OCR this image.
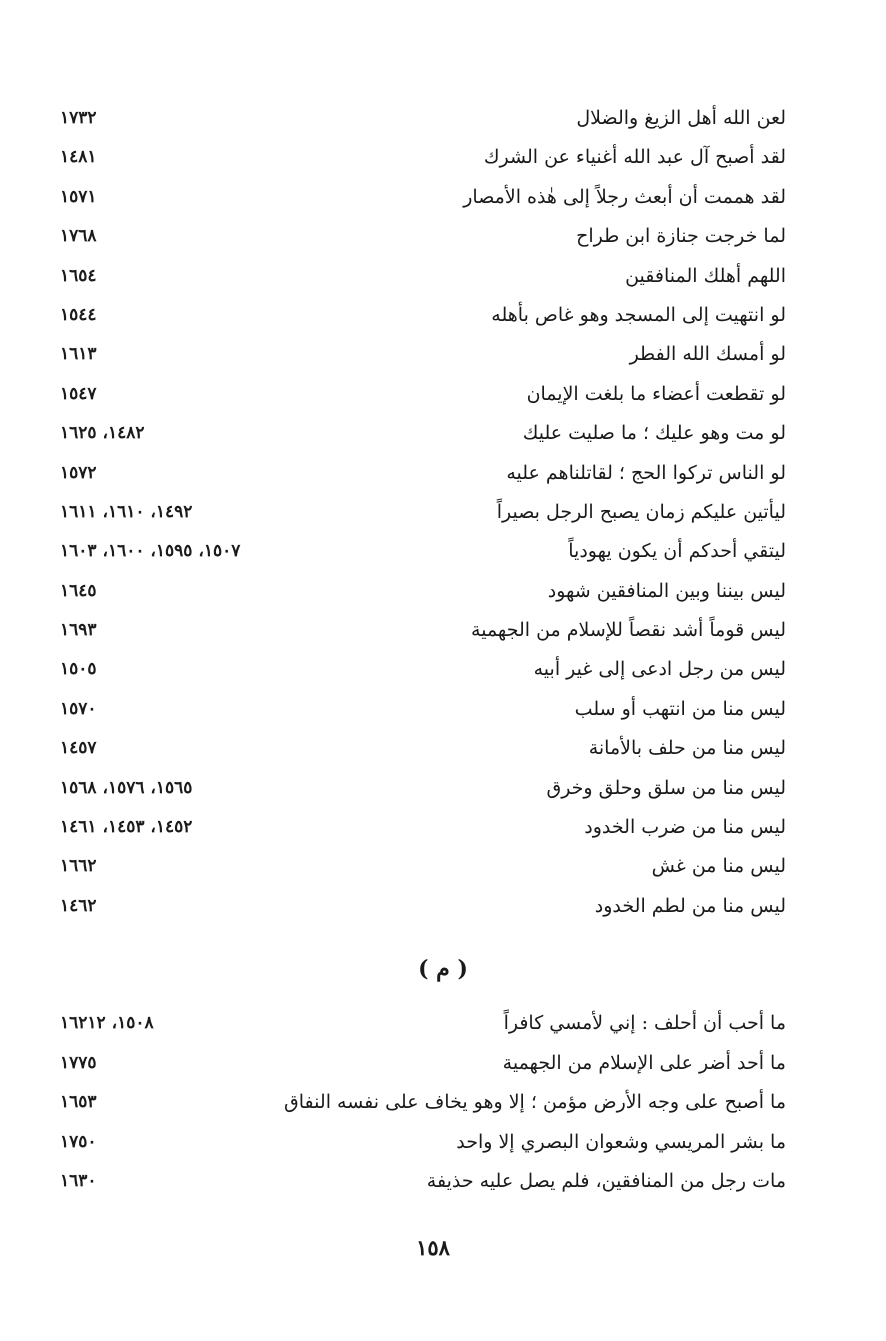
لعن الله أهل الزيغ والضلال
١٧٣٢
لقد أصبح آل عبد الله أغنياء عن الشرك
١٤٨١
لقد هممت أن أبعث رجلاً إلى هٰذه الأمصار
١٥٧١
لما خرجت جنازة ابن طراح
١٧٦٨
اللهم أهلك المنافقين
١٦٥٤
لو انتهيت إلى المسجد وهو غاص بأهله
١٥٤٤
لو أمسك الله الفطر
١٦١٣
لو تقطعت أعضاء ما بلغت الإيمان
١٥٤٧
لو مت وهو عليك ؛ ما صليت عليك
١٤٨٢، ١٦٢٥
لو الناس تركوا الحج ؛ لقاتلناهم عليه
١٥٧٢
ليأتين عليكم زمان يصبح الرجل بصيراً
١٤٩٢، ١٦١٠، ١٦١١
ليتقي أحدكم أن يكون يهودياً
١٥٠٧، ١٥٩٥، ١٦٠٠، ١٦٠٣
ليس بيننا وبين المنافقين شهود
١٦٤٥
ليس قوماً أشد نقصاً للإسلام من الجهمية
١٦٩٣
ليس من رجل ادعى إلى غير أبيه
١٥٠٥
ليس منا من انتهب أو سلب
١٥٧٠
ليس منا من حلف بالأمانة
١٤٥٧
ليس منا من سلق وحلق وخرق
١٥٦٥، ١٥٧٦، ١٥٦٨
ليس منا من ضرب الخدود
١٤٥٢، ١٤٥٣، ١٤٦١
ليس منا من غش
١٦٦٢
ليس منا من لطم الخدود
١٤٦٢
( م )
ما أحب أن أحلف : إني لأمسي كافراً
١٥٠٨، ١٦٢١٢
ما أحد أضر على الإسلام من الجهمية
١٧٧٥
ما أصبح على وجه الأرض مؤمن ؛ إلا وهو يخاف على نفسه النفاق
١٦٥٣
ما بشر المريسي وشعوان البصري إلا واحد
١٧٥٠
مات رجل من المنافقين، فلم يصل عليه حذيفة
١٦٣٠
١٥٨
